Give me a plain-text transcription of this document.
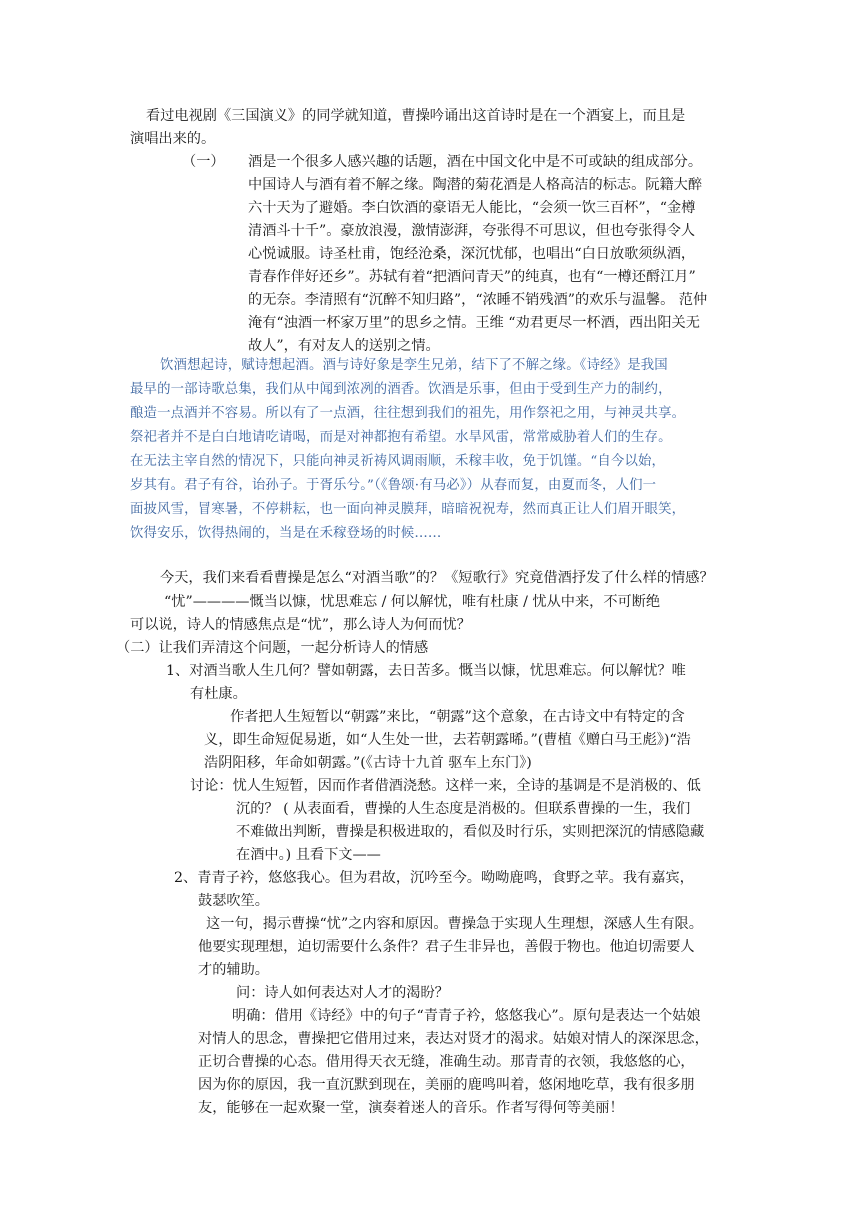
看过电视剧《三国演义》的同学就知道，曹操吟诵出这首诗时是在一个酒宴上，而且是
演唱出来的。
（一） 酒是一个很多人感兴趣的话题，酒在中国文化中是不可或缺的组成部分。
中国诗人与酒有着不解之缘。陶潜的菊花酒是人格高洁的标志。阮籍大醉
六十天为了避婚。李白饮酒的豪语无人能比，“会须一饮三百杯”，“金樽
清酒斗十千”。豪放浪漫，激情澎湃，夸张得不可思议，但也夸张得令人
心悦诚服。诗圣杜甫，饱经沧桑，深沉忧郁，也唱出“白日放歌须纵酒，
青春作伴好还乡”。苏轼有着“把酒问青天”的纯真，也有“一樽还酹江月”
的无奈。李清照有“沉醉不知归路”，“浓睡不销残酒”的欢乐与温馨。 范仲
淹有“浊酒一杯家万里”的思乡之情。王维 “劝君更尽一杯酒，西出阳关无
故人”，有对友人的送别之情。
饮酒想起诗，赋诗想起酒。酒与诗好象是孪生兄弟，结下了不解之缘。《诗经》是我国
最早的一部诗歌总集，我们从中闻到浓冽的酒香。饮酒是乐事，但由于受到生产力的制约，
酿造一点酒并不容易。所以有了一点酒，往往想到我们的祖先，用作祭祀之用，与神灵共享。
祭祀者并不是白白地请吃请喝，而是对神都抱有希望。水旱风雷，常常威胁着人们的生存。
在无法主宰自然的情况下，只能向神灵祈祷风调雨顺，禾稼丰收，免于饥馑。“自今以始，
岁其有。君子有谷，诒孙子。于胥乐兮。”（《鲁颂·有马必》）从春而复，由夏而冬，人们一
面披风雪，冒寒暑，不停耕耘，也一面向神灵膜拜，暗暗祝祝寿，然而真正让人们眉开眼笑，
饮得安乐，饮得热闹的，当是在禾稼登场的时候……
今天，我们来看看曹操是怎么“对酒当歌”的？《短歌行》究竟借酒抒发了什么样的情感？
“忧”————慨当以慷，忧思难忘 / 何以解忧，唯有杜康 / 忧从中来，不可断绝
可以说，诗人的情感焦点是“忧”，那么诗人为何而忧？
（二）让我们弄清这个问题，一起分析诗人的情感
1、对酒当歌人生几何？譬如朝露，去日苦多。慨当以慷，忧思难忘。何以解忧？唯
有杜康。
作者把人生短暂以“朝露”来比，“朝露”这个意象，在古诗文中有特定的含
义，即生命短促易逝，如“人生处一世，去若朝露晞。”(曹植《赠白马王彪》)“浩
浩阴阳移，年命如朝露。”(《古诗十九首 驱车上东门》)
讨论：忧人生短暂，因而作者借酒浇愁。这样一来，全诗的基调是不是消极的、低
沉的？ ( 从表面看，曹操的人生态度是消极的。但联系曹操的一生，我们
不难做出判断，曹操是积极进取的，看似及时行乐，实则把深沉的情感隐藏
在酒中。) 且看下文——
2、青青子衿，悠悠我心。但为君故，沉吟至今。呦呦鹿鸣，食野之苹。我有嘉宾，
鼓瑟吹笙。
这一句，揭示曹操“忧”之内容和原因。曹操急于实现人生理想，深感人生有限。
他要实现理想，迫切需要什么条件？君子生非异也，善假于物也。他迫切需要人
才的辅助。
问：诗人如何表达对人才的渴盼？
明确：借用《诗经》中的句子“青青子衿，悠悠我心”。原句是表达一个姑娘
对情人的思念，曹操把它借用过来，表达对贤才的渴求。姑娘对情人的深深思念，
正切合曹操的心态。借用得天衣无缝，准确生动。那青青的衣领，我悠悠的心，
因为你的原因，我一直沉默到现在，美丽的鹿鸣叫着，悠闲地吃草，我有很多朋
友，能够在一起欢聚一堂，演奏着迷人的音乐。作者写得何等美丽！
